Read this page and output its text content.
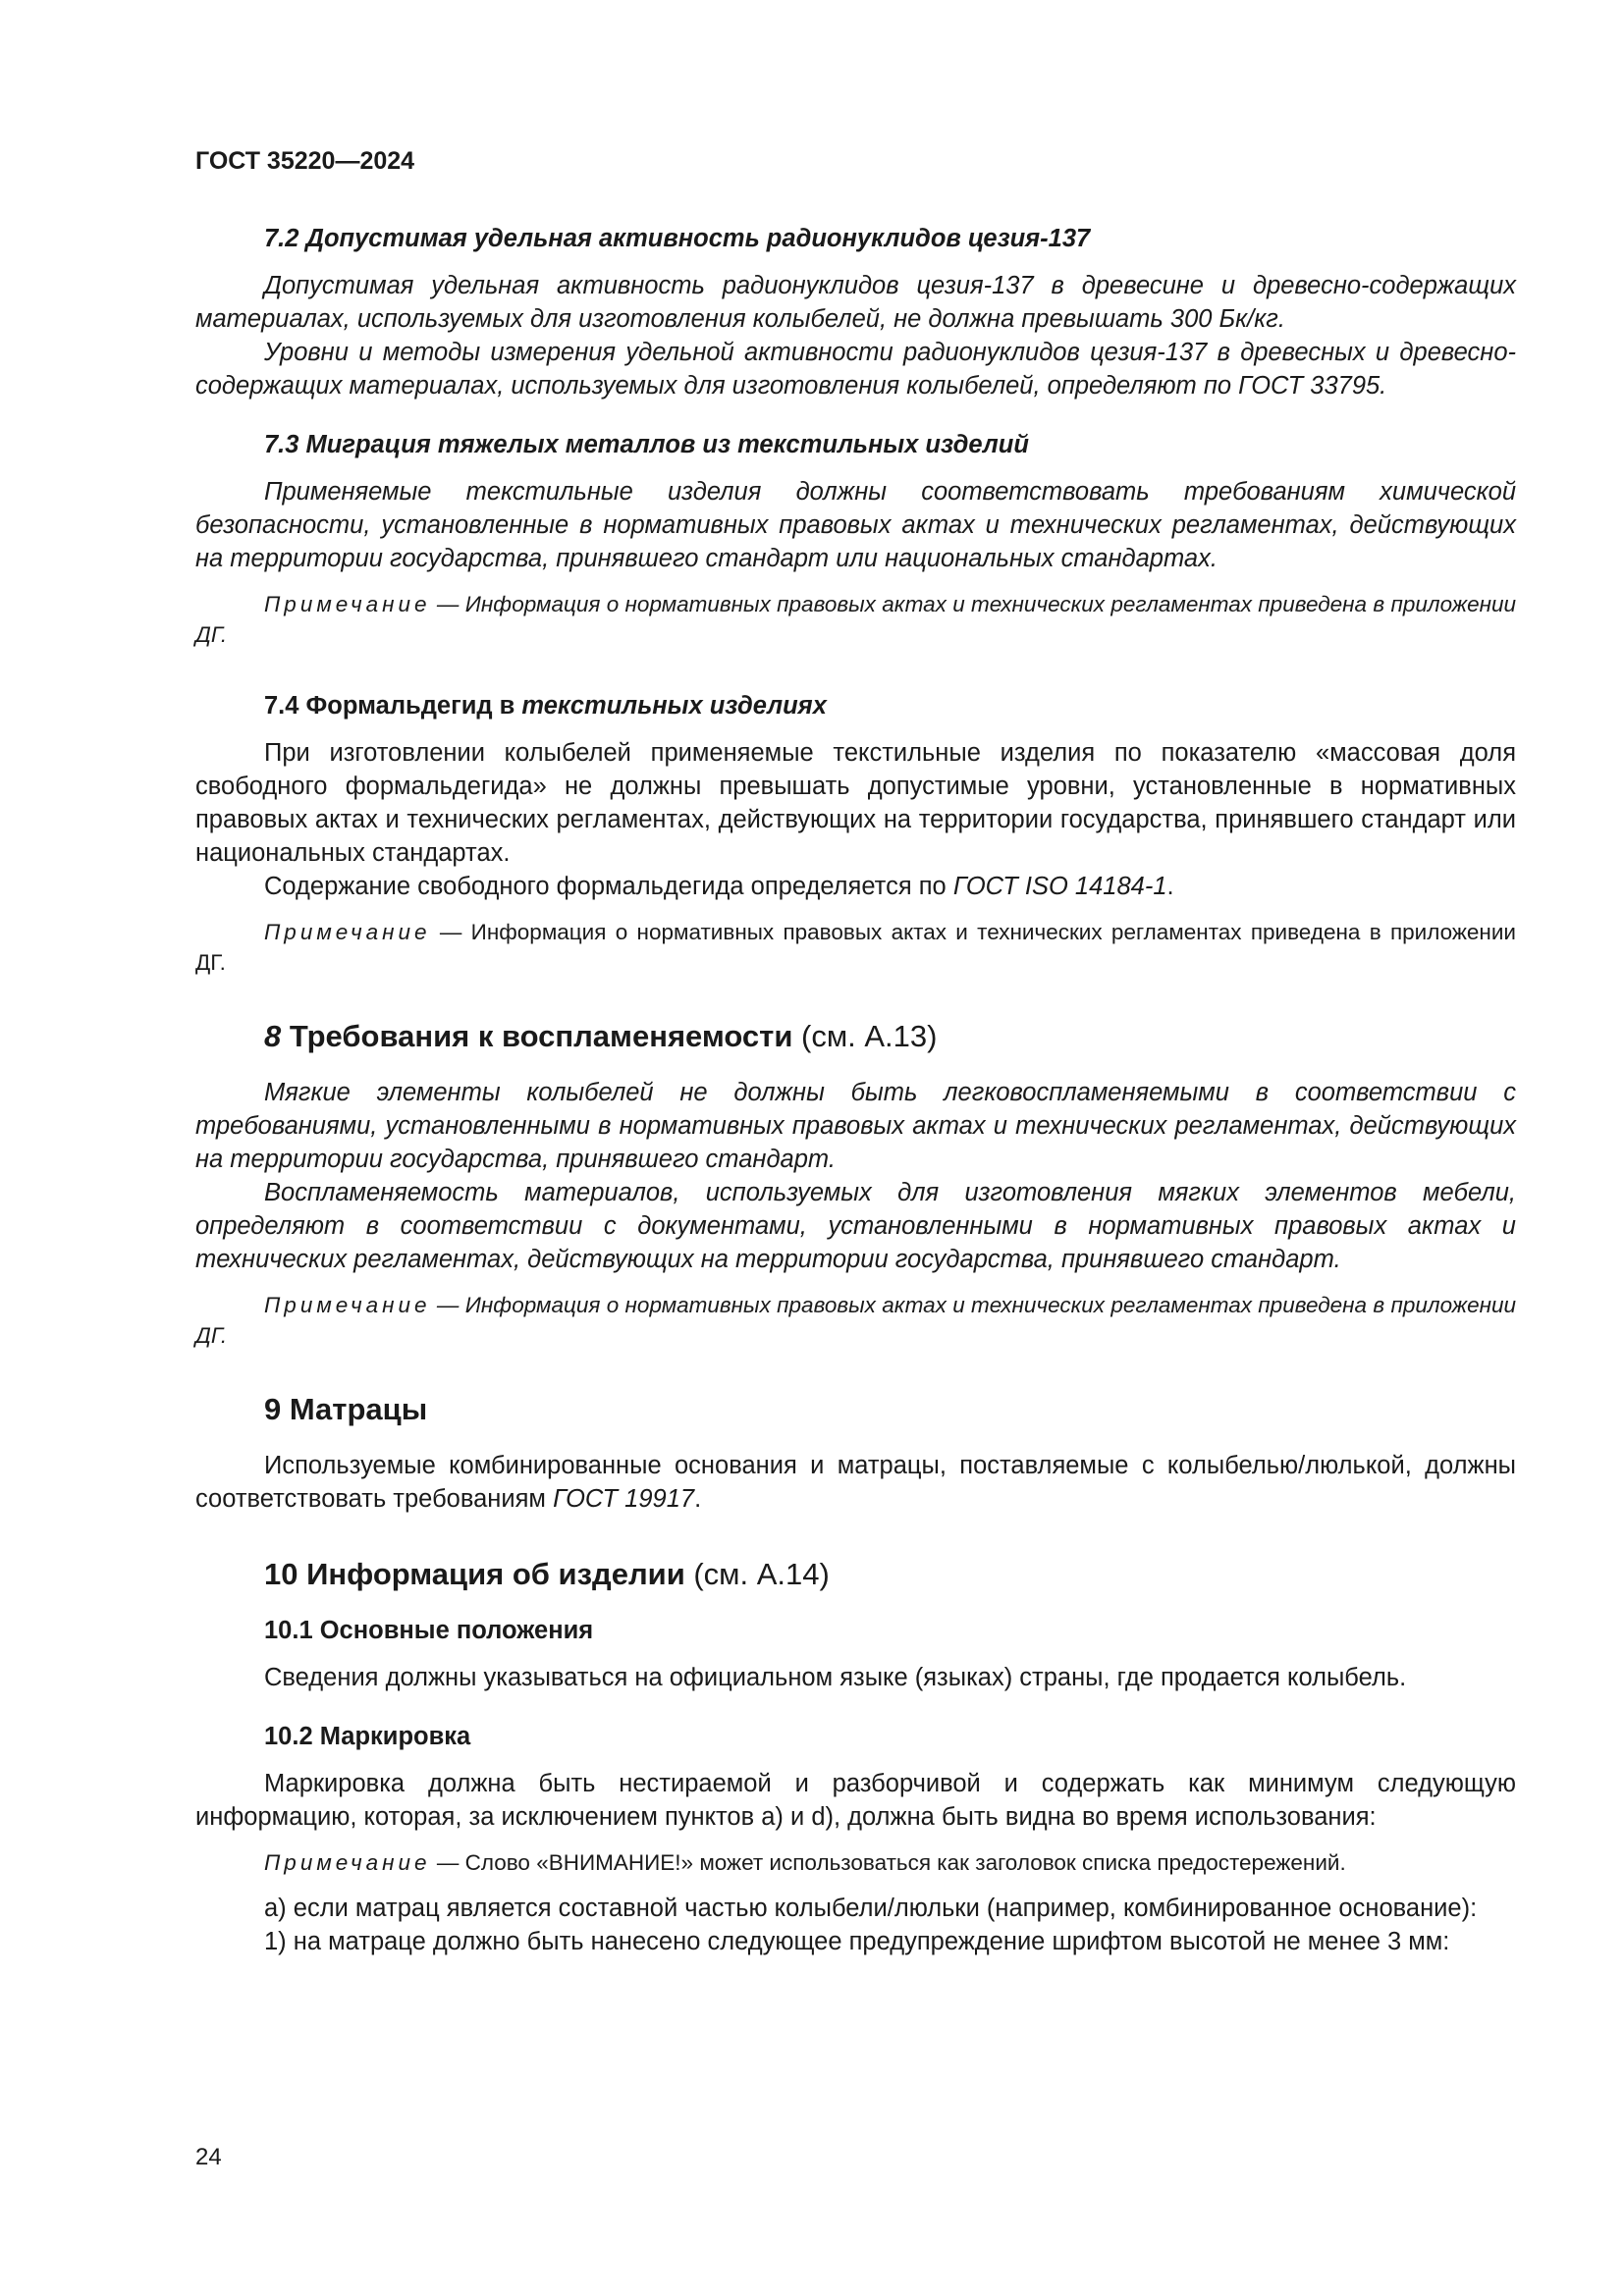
ГОСТ 35220—2024
7.2 Допустимая удельная активность радионуклидов цезия-137

Допустимая удельная активность радионуклидов цезия-137 в древесине и древесно-содержащих материалах, используемых для изготовления колыбелей, не должна превышать 300 Бк/кг.

Уровни и методы измерения удельной активности радионуклидов цезия-137 в древесных и древесно-содержащих материалах, используемых для изготовления колыбелей, определяют по ГОСТ 33795.

7.3 Миграция тяжелых металлов из текстильных изделий

Применяемые текстильные изделия должны соответствовать требованиям химической безопасности, установленные в нормативных правовых актах и технических регламентах, действующих на территории государства, принявшего стандарт или национальных стандартах.

Примечание — Информация о нормативных правовых актах и технических регламентах приведена в приложении ДГ.

7.4 Формальдегид в текстильных изделиях

При изготовлении колыбелей применяемые текстильные изделия по показателю «массовая доля свободного формальдегида» не должны превышать допустимые уровни, установленные в нормативных правовых актах и технических регламентах, действующих на территории государства, принявшего стандарт или национальных стандартах.

Содержание свободного формальдегида определяется по ГОСТ ISO 14184-1.

Примечание — Информация о нормативных правовых актах и технических регламентах приведена в приложении ДГ.

8 Требования к воспламеняемости (см. А.13)

Мягкие элементы колыбелей не должны быть легковоспламеняемыми в соответствии с требованиями, установленными в нормативных правовых актах и технических регламентах, действующих на территории государства, принявшего стандарт.

Воспламеняемость материалов, используемых для изготовления мягких элементов мебели, определяют в соответствии с документами, установленными в нормативных правовых актах и технических регламентах, действующих на территории государства, принявшего стандарт.

Примечание — Информация о нормативных правовых актах и технических регламентах приведена в приложении ДГ.

9 Матрацы

Используемые комбинированные основания и матрацы, поставляемые с колыбелью/люлькой, должны соответствовать требованиям ГОСТ 19917.

10 Информация об изделии (см. А.14)
10.1 Основные положения

Сведения должны указываться на официальном языке (языках) страны, где продается колыбель.

10.2 Маркировка

Маркировка должна быть нестираемой и разборчивой и содержать как минимум следующую информацию, которая, за исключением пунктов а) и d), должна быть видна во время использования:

Примечание — Слово «ВНИМАНИЕ!» может использоваться как заголовок списка предостережений.

а) если матрац является составной частью колыбели/люльки (например, комбинированное основание):

1) на матраце должно быть нанесено следующее предупреждение шрифтом высотой не менее 3 мм:

24
